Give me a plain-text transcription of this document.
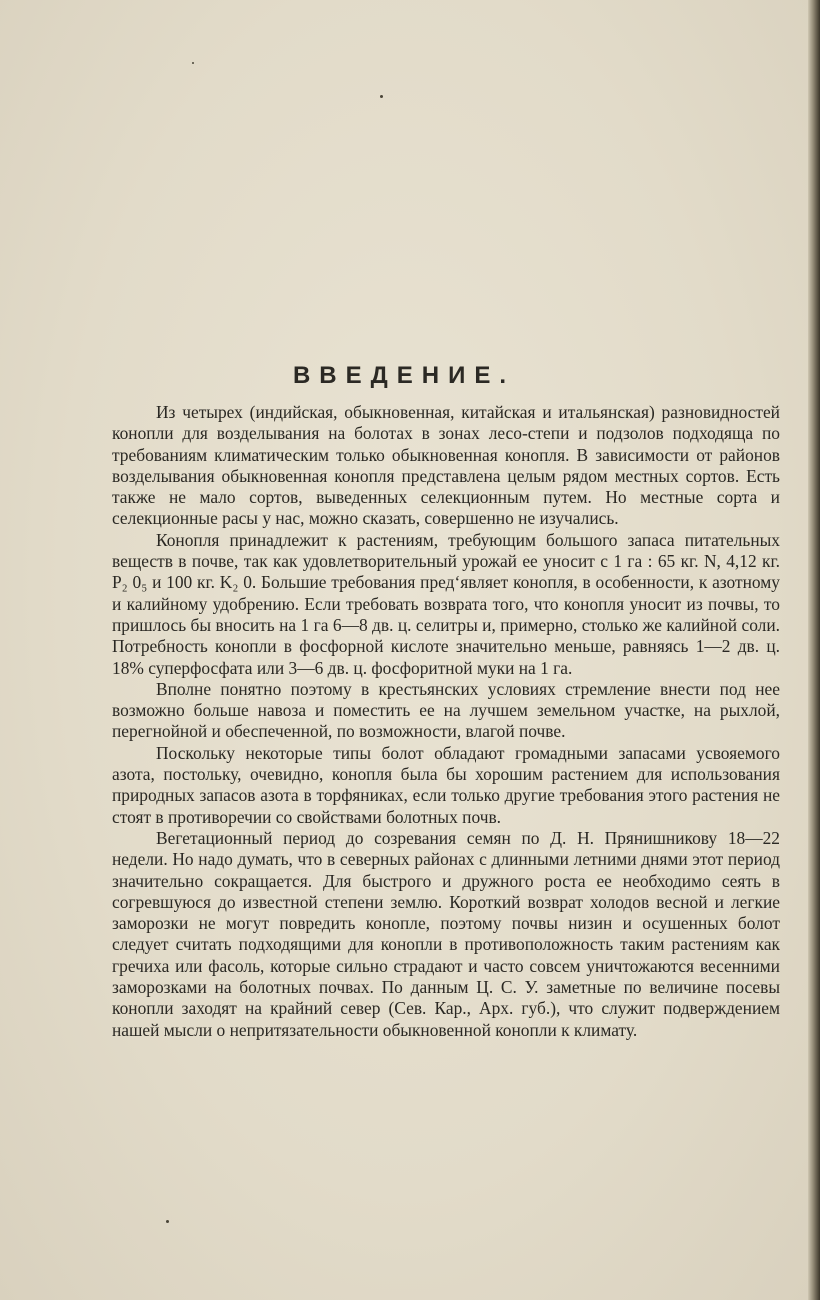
ВВЕДЕНИЕ.

Из четырех (индийская, обыкновенная, китайская и итальянская) разновидностей конопли для возделывания на болотах в зонах лесо-степи и подзолов подходяща по требованиям климатическим только обыкновенная конопля. В зависимости от районов возделывания обыкновенная конопля представлена целым рядом местных сортов. Есть также не мало сортов, выведенных селекционным путем. Но местные сорта и селекционные расы у нас, можно сказать, совершенно не изучались.

Конопля принадлежит к растениям, требующим большого запаса питательных веществ в почве, так как удовлетворительный урожай ее уносит с 1 га : 65 кг. N, 4,12 кг. P₂ 0₅ и 100 кг. K₂ 0. Большие требования пред‘являет конопля, в особенности, к азотному и калийному удобрению. Если требовать возврата того, что конопля уносит из почвы, то пришлось бы вносить на 1 га 6—8 дв. ц. селитры и, примерно, столько же калийной соли. Потребность конопли в фосфорной кислоте значительно меньше, равняясь 1—2 дв. ц. 18% суперфосфата или 3—6 дв. ц. фосфоритной муки на 1 га.

Вполне понятно поэтому в крестьянских условиях стремление внести под нее возможно больше навоза и поместить ее на лучшем земельном участке, на рыхлой, перегнойной и обеспеченной, по возможности, влагой почве.

Поскольку некоторые типы болот обладают громадными запасами усвояемого азота, постольку, очевидно, конопля была бы хорошим растением для использования природных запасов азота в торфяниках, если только другие требования этого растения не стоят в противоречии со свойствами болотных почв.

Вегетационный период до созревания семян по Д. Н. Прянишникову 18—22 недели. Но надо думать, что в северных районах с длинными летними днями этот период значительно сокращается. Для быстрого и дружного роста ее необходимо сеять в согревшуюся до известной степени землю. Короткий возврат холодов весной и легкие заморозки не могут повредить конопле, поэтому почвы низин и осушенных болот следует считать подходящими для конопли в противоположность таким растениям как гречиха или фасоль, которые сильно страдают и часто совсем уничтожаются весенними заморозками на болотных почвах. По данным Ц. С. У. заметные по величине посевы конопли заходят на крайний север (Сев. Кар., Арх. губ.), что служит подверждением нашей мысли о непритязательности обыкновенной конопли к климату.
